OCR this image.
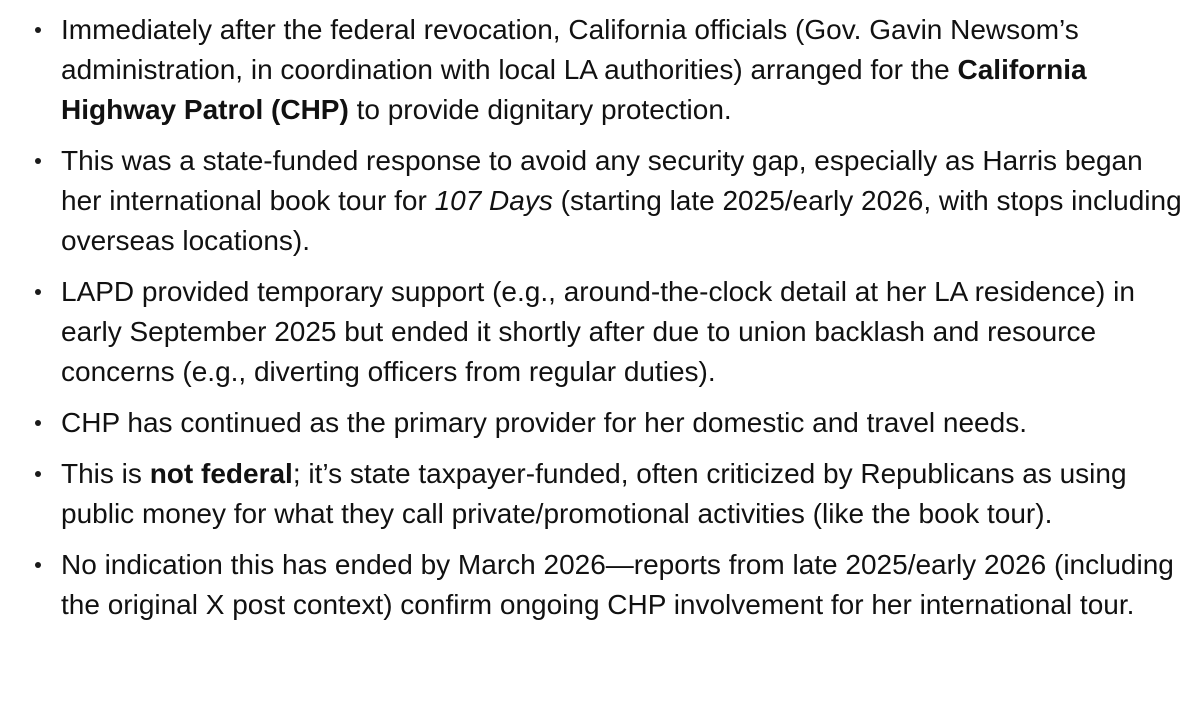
Immediately after the federal revocation, California officials (Gov. Gavin Newsom’s administration, in coordination with local LA authorities) arranged for the California Highway Patrol (CHP) to provide dignitary protection.
This was a state-funded response to avoid any security gap, especially as Harris began her international book tour for 107 Days (starting late 2025/early 2026, with stops including overseas locations).
LAPD provided temporary support (e.g., around-the-clock detail at her LA residence) in early September 2025 but ended it shortly after due to union backlash and resource concerns (e.g., diverting officers from regular duties).
CHP has continued as the primary provider for her domestic and travel needs.
This is not federal; it’s state taxpayer-funded, often criticized by Republicans as using public money for what they call private/promotional activities (like the book tour).
No indication this has ended by March 2026—reports from late 2025/early 2026 (including the original X post context) confirm ongoing CHP involvement for her international tour.
